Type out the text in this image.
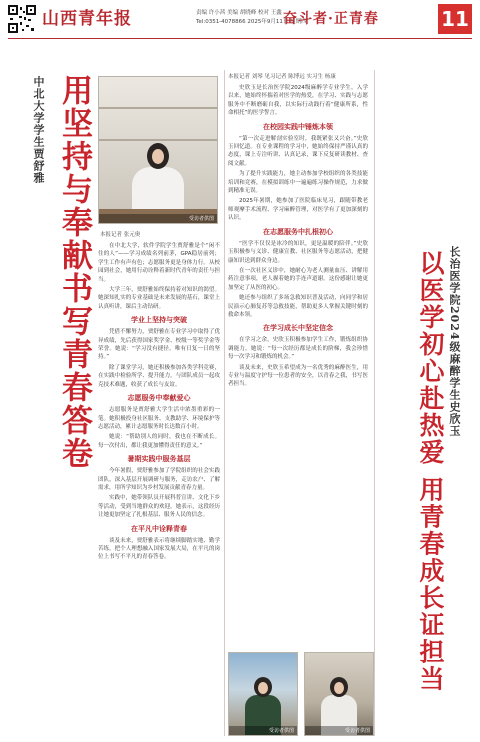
山西青年报	责编 许小茜 美编 胡晓峰 校对 王鑫
Tel:0351-4078866 2025年9月11日 星期四
奋斗者·正青春	11
中北大学学生贾舒雅 用坚持与奉献书写青春答卷	受访者供图
本报记者 张元奥

在中北大学，软件学院学生贾舒雅是个“闲不住的人”——学习成绩名列前茅，GPA稳居前列；学生工作有声有色；志愿服务更是身体力行。从校园到社会，她用行动诠释着新时代青年的责任与担当。

大学三年，贾舒雅始终保持着对知识的渴望。她深知扎实的专业基础是未来发展的基石，课堂上认真听讲，课后主动钻研。

学业上坚持与突破

凭借不懈努力，贾舒雅在专业学习中取得了优异成绩，先后获得国家奖学金、校级一等奖学金等荣誉。她说：“学习没有捷径，唯有日复一日的坚持。”

除了课堂学习，她还积极参加各类学科竞赛，在实践中检验所学、提升能力，与团队成员一起攻克技术难题，收获了成长与友谊。

志愿服务中奉献爱心

志愿服务是贾舒雅大学生活中浓墨重彩的一笔。她积极投身社区服务、支教助学、环境保护等志愿活动，累计志愿服务时长达数百小时。

她说：“帮助别人的同时，我也在不断成长。每一次付出，都让我更加懂得责任的意义。”

暑期实践中服务基层

今年暑假，贾舒雅参加了学院组织的社会实践团队，深入基层开展调研与服务，走访农户、了解需求，用所学知识为乡村发展贡献青春力量。

实践中，她带领队员开展科普宣讲、文化下乡等活动，受到当地群众的欢迎。她表示，这段经历让她更加坚定了扎根基层、服务人民的信念。

在平凡中诠释青春

谈及未来，贾舒雅表示将继续脚踏实地、勤学苦练，把个人理想融入国家发展大局，在平凡的岗位上书写不平凡的青春答卷。

本报记者 刘琴 见习记者 陈博远 实习生 杨康

史欣玉是长治医学院2024级麻醉学专业学生。入学以来，她始终怀揣着对医学的热爱，在学习、实践与志愿服务中不断磨砺自我，以实际行动践行着“健康所系，性命相托”的医学誓言。

在校园实践中锤炼本领

“第一次走进解剖实验室时，我既紧张又兴奋。”史欣玉回忆道。在专业课程的学习中，她始终保持严谨认真的态度，课上专注听讲、认真记录，课下反复研读教材、查阅文献。

为了提升实践能力，她主动参加学校组织的各类技能培训和竞赛，在模拟训练中一遍遍练习操作规范，力求做到精准无误。

2025年暑期，她参加了医院临床见习，跟随带教老师观摩手术流程、学习麻醉管理，对医学有了更加深刻的认识。

在志愿服务中扎根初心

“医学不仅仅是冰冷的知识，更是温暖的陪伴。”史欣玉积极参与义诊、健康宣教、社区服务等志愿活动，把健康知识送到群众身边。

在一次社区义诊中，她耐心为老人测量血压、讲解用药注意事项，老人握着她的手连声道谢。这份感谢让她更加坚定了从医的初心。

她还参与组织了多场急救知识普及活动，向同学和居民演示心肺复苏等急救技能，帮助更多人掌握关键时刻的救命本领。

在学习成长中坚定信念

在学习之余，史欣玉积极参加学生工作，锻炼组织协调能力。她说：“每一次经历都是成长的阶梯，我会珍惜每一次学习和锻炼的机会。”

谈及未来，史欣玉希望成为一名优秀的麻醉医生，用专业与温度守护每一位患者的安全，以青春之我，书写医者担当。	以医学初心赴热爱 用青春成长证担当 长治医学院2024级麻醉学生史欣玉
受访者供图	受访者供图
